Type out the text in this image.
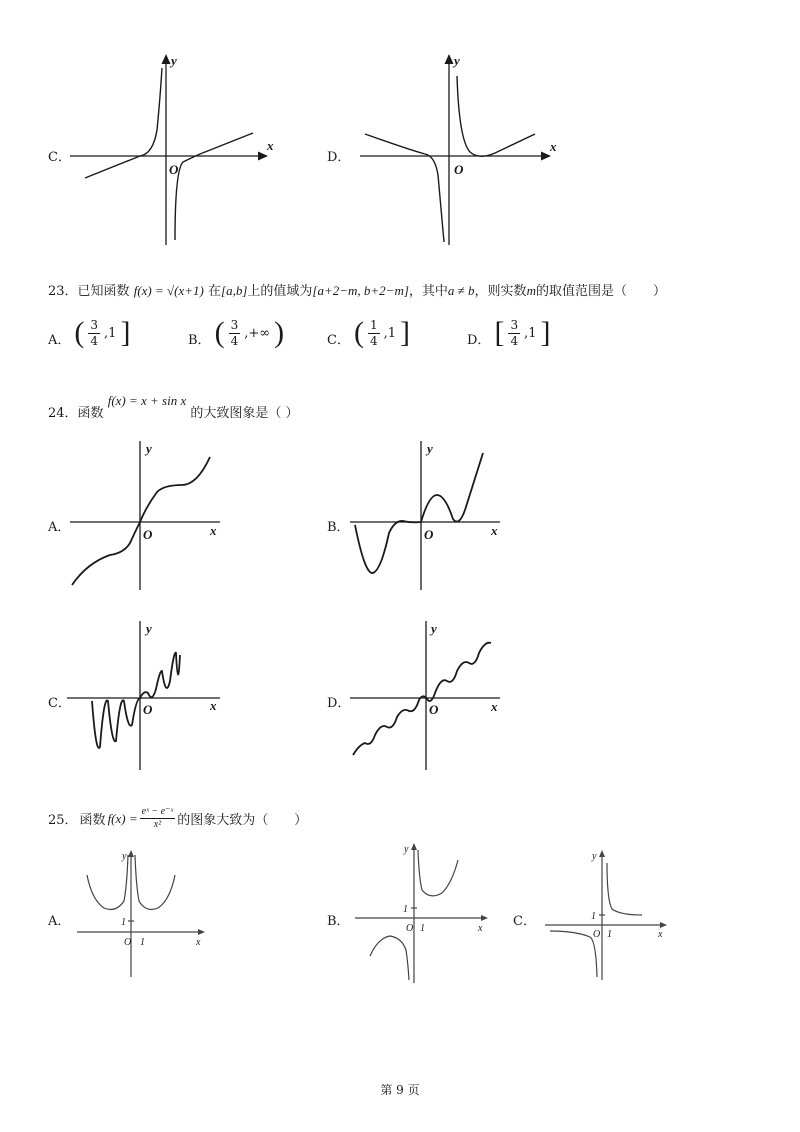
C．
y
x
O
D．
y
x
O
23．已知函数 f(x) = √(x+1) 在[a,b]上的值域为[a+2−m, b+2−m]，其中a ≠ b，则实数m的取值范围是（　　）
A． ( $\frac{3}{4} ,1$ ]	B． ( $\frac{3}{4}$ ,+∞ )	C． ( $\frac{1}{4} ,1$ ]	D． [ $\frac{3}{4} ,1$ ]
24．函数 f(x) = x + sin x 的大致图象是（ ）
A．
y
x
O	B．
y
x
O
C．
y
x
O	D．
y
x
O
25． 函数 $f(x) = \frac{\text{eˣ − e⁻ˣ}}{\text{x²}}$ 的图象大致为（　　）
A．	1
O 1	x
y
B．
1
O 1	x
y
C．	1
O 1	x
y
第 9 页
